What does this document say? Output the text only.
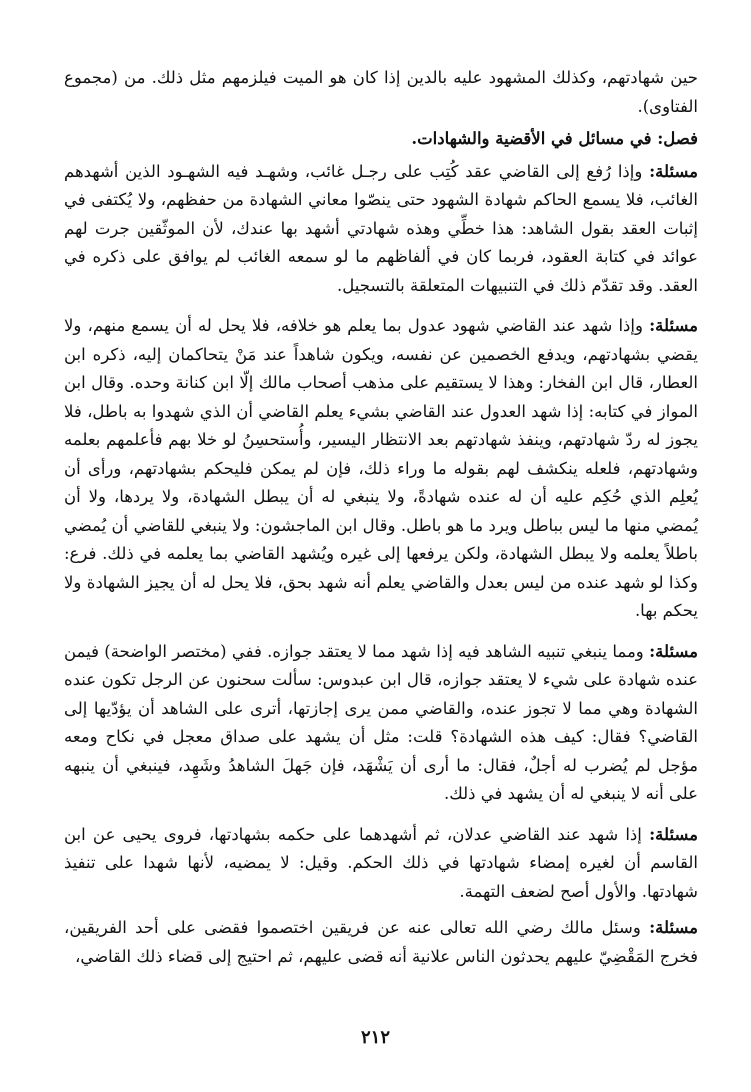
حين شهادتهم، وكذلك المشهود عليه بالدين إذا كان هو الميت فيلزمهم مثل ذلك. من (مجموع الفتاوى).

فصل: في مسائل في الأقضية والشهادات.

مسئلة: وإذا رُفع إلى القاضي عقد كُتِب على رجـل غائب، وشهـد فيه الشهـود الذين أشهدهم الغائب، فلا يسمع الحاكم شهادة الشهود حتى ينصّوا معاني الشهادة من حفظهم، ولا يُكتفى في إثبات العقد بقول الشاهد: هذا خطِّي وهذه شهادتي أشهد بها عندك، لأن الموثّقين جرت لهم عوائد في كتابة العقود، فربما كان في ألفاظهم ما لو سمعه الغائب لم يوافق على ذكره في العقد. وقد تقدّم ذلك في التنبيهات المتعلقة بالتسجيل.

مسئلة: وإذا شهد عند القاضي شهود عدول بما يعلم هو خلافه، فلا يحل له أن يسمع منهم، ولا يقضي بشهادتهم، ويدفع الخصمين عن نفسه، ويكون شاهداً عند مَنْ يتحاكمان إليه، ذكره ابن العطار، قال ابن الفخار: وهذا لا يستقيم على مذهب أصحاب مالك إلّا ابن كنانة وحده. وقال ابن المواز في كتابه: إذا شهد العدول عند القاضي بشيء يعلم القاضي أن الذي شهدوا به باطل، فلا يجوز له ردّ شهادتهم، وينفذ شهادتهم بعد الانتظار اليسير، وأُستحسِنُ لو خلا بهم فأعلمهم بعلمه وشهادتهم، فلعله ينكشف لهم بقوله ما وراء ذلك، فإن لم يمكن فليحكم بشهادتهم، ورأى أن يُعلِم الذي حُكِم عليه أن له عنده شهادةً، ولا ينبغي له أن يبطل الشهادة، ولا يردها، ولا أن يُمضي منها ما ليس بباطل ويرد ما هو باطل. وقال ابن الماجشون: ولا ينبغي للقاضي أن يُمضي باطلاً يعلمه ولا يبطل الشهادة، ولكن يرفعها إلى غيره ويُشهد القاضي بما يعلمه في ذلك. فرع: وكذا لو شهد عنده من ليس بعدل والقاضي يعلم أنه شهد بحق، فلا يحل له أن يجيز الشهادة ولا يحكم بها.

مسئلة: ومما ينبغي تنبيه الشاهد فيه إذا شهد مما لا يعتقد جوازه. ففي (مختصر الواضحة) فيمن عنده شهادة على شيء لا يعتقد جوازه، قال ابن عبدوس: سألت سحنون عن الرجل تكون عنده الشهادة وهي مما لا تجوز عنده، والقاضي ممن يرى إجازتها، أترى على الشاهد أن يؤدّيها إلى القاضي؟ فقال: كيف هذه الشهادة؟ قلت: مثل أن يشهد على صداق معجل في نكاح ومعه مؤجل لم يُضرب له أجلٌ، فقال: ما أرى أن يَشْهَد، فإن جَهلَ الشاهدُ وشَهِد، فينبغي أن ينبهه على أنه لا ينبغي له أن يشهد في ذلك.

مسئلة: إذا شهد عند القاضي عدلان، ثم أشهدهما على حكمه بشهادتها، فروى يحيى عن ابن القاسم أن لغيره إمضاء شهادتها في ذلك الحكم. وقيل: لا يمضيه، لأنها شهدا على تنفيذ شهادتها. والأول أصح لضعف التهمة.

مسئلة: وسئل مالك رضي الله تعالى عنه عن فريقين اختصموا فقضى على أحد الفريقين، فخرج المَقْضِيّ عليهم يحدثون الناس علانية أنه قضى عليهم، ثم احتيج إلى قضاء ذلك القاضي،

٢١٢
